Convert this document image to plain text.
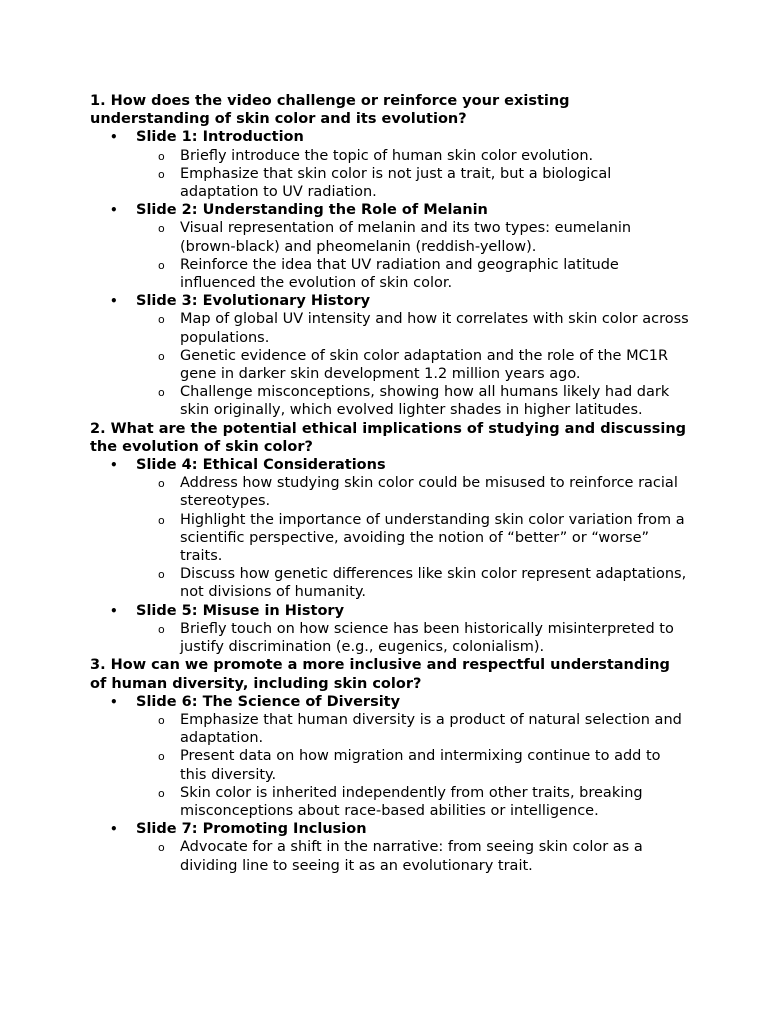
1. How does the video challenge or reinforce your existing understanding of skin color and its evolution?

• Slide 1: Introduction
o Briefly introduce the topic of human skin color evolution.
o Emphasize that skin color is not just a trait, but a biological adaptation to UV radiation.
• Slide 2: Understanding the Role of Melanin
o Visual representation of melanin and its two types: eumelanin (brown-black) and pheomelanin (reddish-yellow).
o Reinforce the idea that UV radiation and geographic latitude influenced the evolution of skin color.
• Slide 3: Evolutionary History
o Map of global UV intensity and how it correlates with skin color across populations.
o Genetic evidence of skin color adaptation and the role of the MC1R gene in darker skin development 1.2 million years ago.
o Challenge misconceptions, showing how all humans likely had dark skin originally, which evolved lighter shades in higher latitudes.

2. What are the potential ethical implications of studying and discussing the evolution of skin color?

• Slide 4: Ethical Considerations
o Address how studying skin color could be misused to reinforce racial stereotypes.
o Highlight the importance of understanding skin color variation from a scientific perspective, avoiding the notion of “better” or “worse” traits.
o Discuss how genetic differences like skin color represent adaptations, not divisions of humanity.
• Slide 5: Misuse in History
o Briefly touch on how science has been historically misinterpreted to justify discrimination (e.g., eugenics, colonialism).

3. How can we promote a more inclusive and respectful understanding of human diversity, including skin color?

• Slide 6: The Science of Diversity
o Emphasize that human diversity is a product of natural selection and adaptation.
o Present data on how migration and intermixing continue to add to this diversity.
o Skin color is inherited independently from other traits, breaking misconceptions about race-based abilities or intelligence.
• Slide 7: Promoting Inclusion
o Advocate for a shift in the narrative: from seeing skin color as a dividing line to seeing it as an evolutionary trait.
